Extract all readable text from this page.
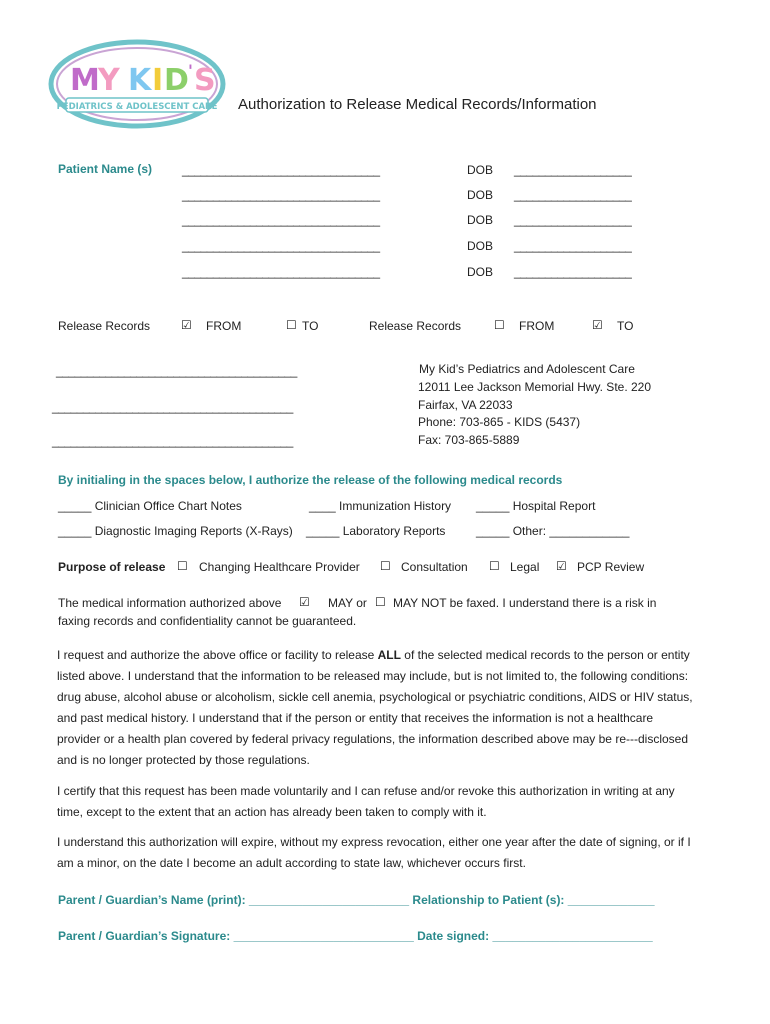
M
Y K I D ' S
PEDIATRICS & ADOLESCENT CARE Authorization to Release Medical Records/Information
Patient Name (s) ________________________________	DOB ___________________
________________________________	DOB ___________________
________________________________	DOB ___________________
________________________________	DOB ___________________
________________________________	DOB ___________________
Release Records	☑ FROM	☐ TO	Release Records	☐ FROM	☑ TO
_______________________________________
_______________________________________
_______________________________________
My Kid’s Pediatrics and Adolescent Care
12011 Lee Jackson Memorial Hwy. Ste. 220
Fairfax, VA 22033
Phone: 703-865 - KIDS (5437)
Fax: 703-865-5889
By initialing in the spaces below, I authorize the release of the following medical records
_____ Clinician Office Chart Notes	____ Immunization History _____ Hospital Report
_____ Diagnostic Imaging Reports (X-Rays) _____ Laboratory Reports	_____ Other: ____________
Purpose of release ☐ Changing Healthcare Provider ☐ Consultation ☐ Legal ☑ PCP Review
The medical information authorized above ☑ MAY or ☐ MAY NOT be faxed. I understand there is a risk in
faxing records and confidentiality cannot be guaranteed.
I request and authorize the above office or facility to release ALL of the selected medical records to the person or entity listed above. I understand that the information to be released may include, but is not limited to, the following conditions: drug abuse, alcohol abuse or alcoholism, sickle cell anemia, psychological or psychiatric conditions, AIDS or HIV status, and past medical history. I understand that if the person or entity that receives the information is not a healthcare provider or a health plan covered by federal privacy regulations, the information described above may be re---disclosed and is no longer protected by those regulations.
I certify that this request has been made voluntarily and I can refuse and/or revoke this authorization in writing at any time, except to the extent that an action has already been taken to comply with it.
I understand this authorization will expire, without my express revocation, either one year after the date of signing, or if I am a minor, on the date I become an adult according to state law, whichever occurs first.
Parent / Guardian’s Name (print): ________________________ Relationship to Patient (s): _____________
Parent / Guardian’s Signature: ___________________________ Date signed: ________________________
